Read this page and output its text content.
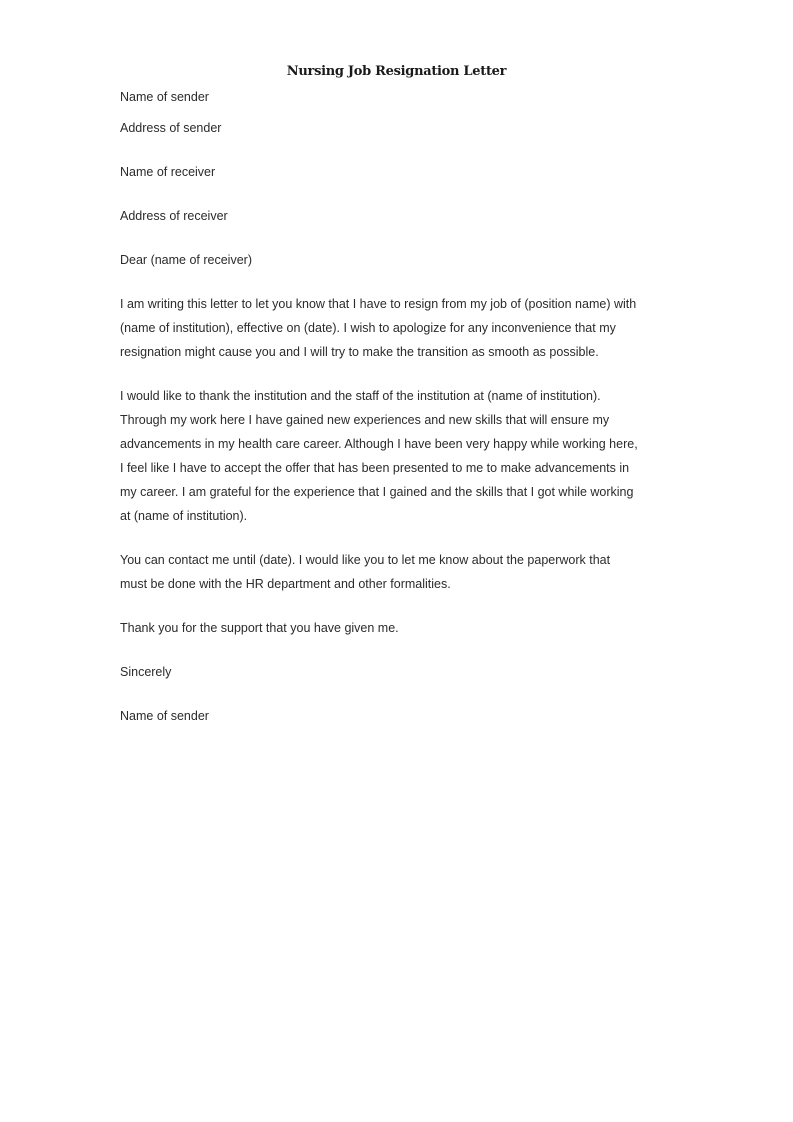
Nursing Job Resignation Letter

Name of sender

Address of sender

Name of receiver

Address of receiver

Dear (name of receiver)

I am writing this letter to let you know that I have to resign from my job of (position name) with
(name of institution), effective on (date). I wish to apologize for any inconvenience that my
resignation might cause you and I will try to make the transition as smooth as possible.

I would like to thank the institution and the staff of the institution at (name of institution).
Through my work here I have gained new experiences and new skills that will ensure my
advancements in my health care career. Although I have been very happy while working here,
I feel like I have to accept the offer that has been presented to me to make advancements in
my career. I am grateful for the experience that I gained and the skills that I got while working
at (name of institution).

You can contact me until (date). I would like you to let me know about the paperwork that
must be done with the HR department and other formalities.

Thank you for the support that you have given me.

Sincerely

Name of sender
